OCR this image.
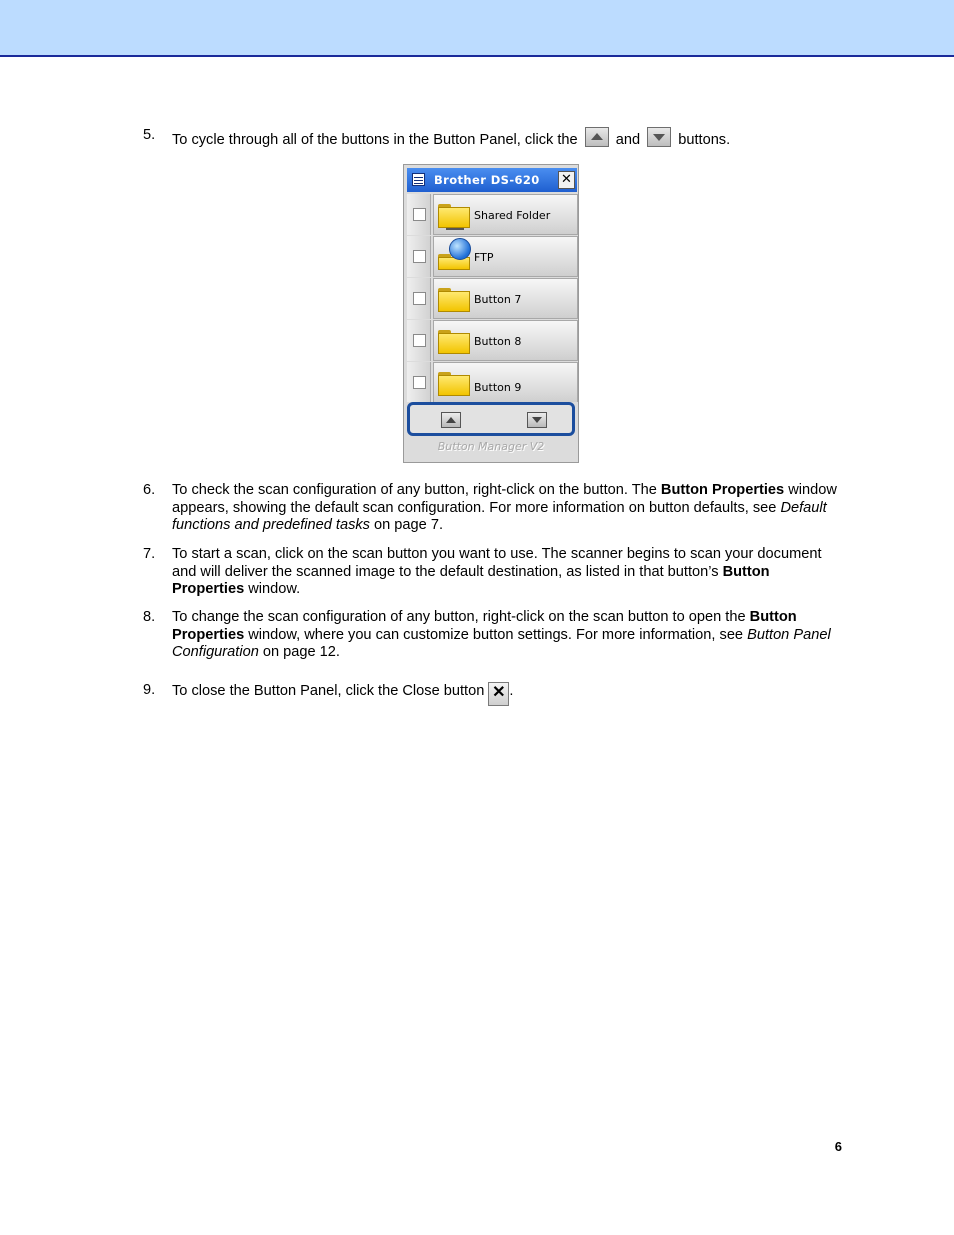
5. To cycle through all of the buttons in the Button Panel, click the	and	buttons.
Brother DS-620 ✕
Shared Folder
FTP
Button 7
Button 8
Button 9
Button Manager V2
6. To check the scan configuration of any button, right-click on the button. The Button Properties window appears, showing the default scan configuration. For more information on button defaults, see Default functions and predefined tasks on page 7.
7. To start a scan, click on the scan button you want to use. The scanner begins to scan your document and will deliver the scanned image to the default destination, as listed in that button’s Button Properties window.
8. To change the scan configuration of any button, right-click on the scan button to open the Button Properties window, where you can customize button settings. For more information, see Button Panel Configuration on page 12.
9. To close the Button Panel, click the Close button ✕ .
6
